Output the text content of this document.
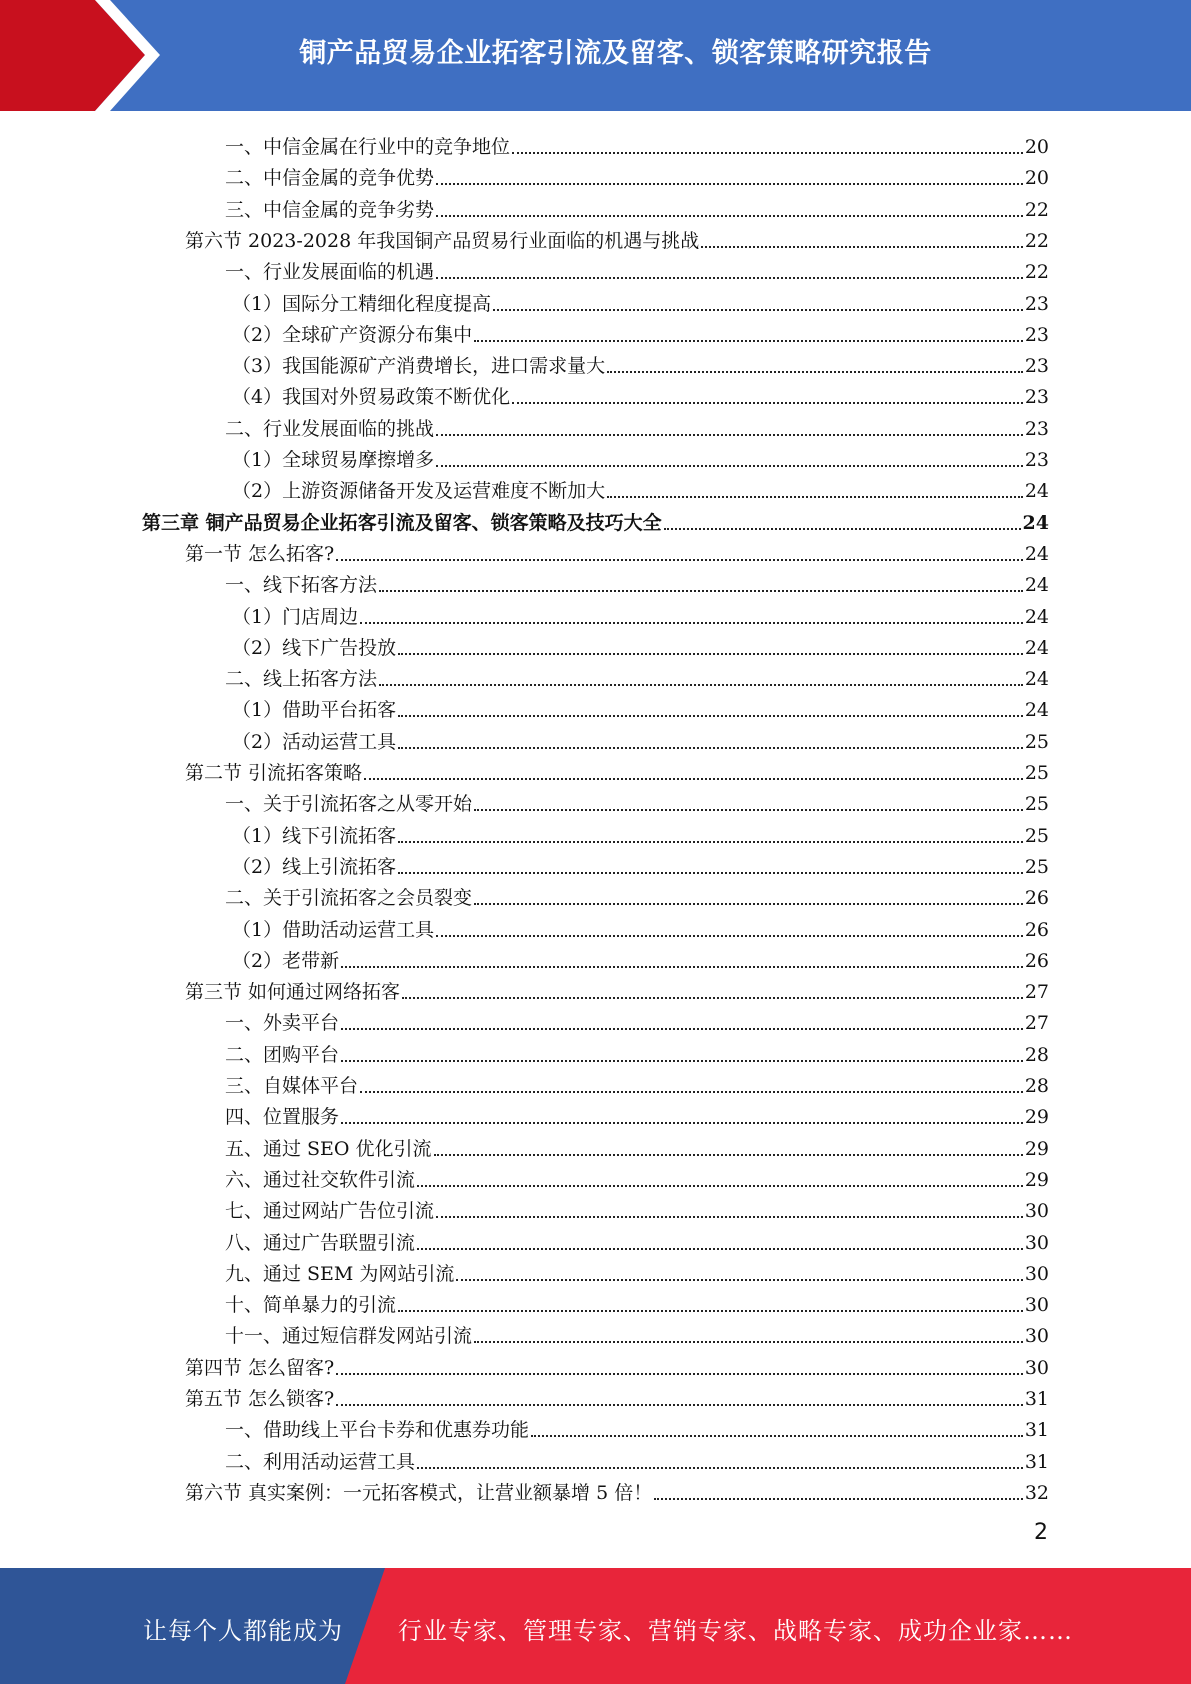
铜产品贸易企业拓客引流及留客、锁客策略研究报告
一、中信金属在行业中的竞争地位	20
二、中信金属的竞争优势	20
三、中信金属的竞争劣势	22
第六节 2023-2028 年我国铜产品贸易行业面临的机遇与挑战	22
一、行业发展面临的机遇	22
（1）国际分工精细化程度提高	23
（2）全球矿产资源分布集中	23
（3）我国能源矿产消费增长，进口需求量大	23
（4）我国对外贸易政策不断优化	23
二、行业发展面临的挑战	23
（1）全球贸易摩擦增多	23
（2）上游资源储备开发及运营难度不断加大	24
第三章 铜产品贸易企业拓客引流及留客、锁客策略及技巧大全	24
第一节 怎么拓客?	24
一、线下拓客方法	24
（1）门店周边	24
（2）线下广告投放	24
二、线上拓客方法	24
（1）借助平台拓客	24
（2）活动运营工具	25
第二节 引流拓客策略	25
一、关于引流拓客之从零开始	25
（1）线下引流拓客	25
（2）线上引流拓客	25
二、关于引流拓客之会员裂变	26
（1）借助活动运营工具	26
（2）老带新	26
第三节 如何通过网络拓客	27
一、外卖平台	27
二、团购平台	28
三、自媒体平台	28
四、位置服务	29
五、通过 SEO 优化引流	29
六、通过社交软件引流	29
七、通过网站广告位引流	30
八、通过广告联盟引流	30
九、通过 SEM 为网站引流	30
十、简单暴力的引流	30
十一、通过短信群发网站引流	30
第四节 怎么留客?	30
第五节 怎么锁客?	31
一、借助线上平台卡券和优惠券功能	31
二、利用活动运营工具	31
第六节 真实案例：一元拓客模式，让营业额暴增 5 倍！	32
2
让每个人都能成为 行业专家、管理专家、营销专家、战略专家、成功企业家……
